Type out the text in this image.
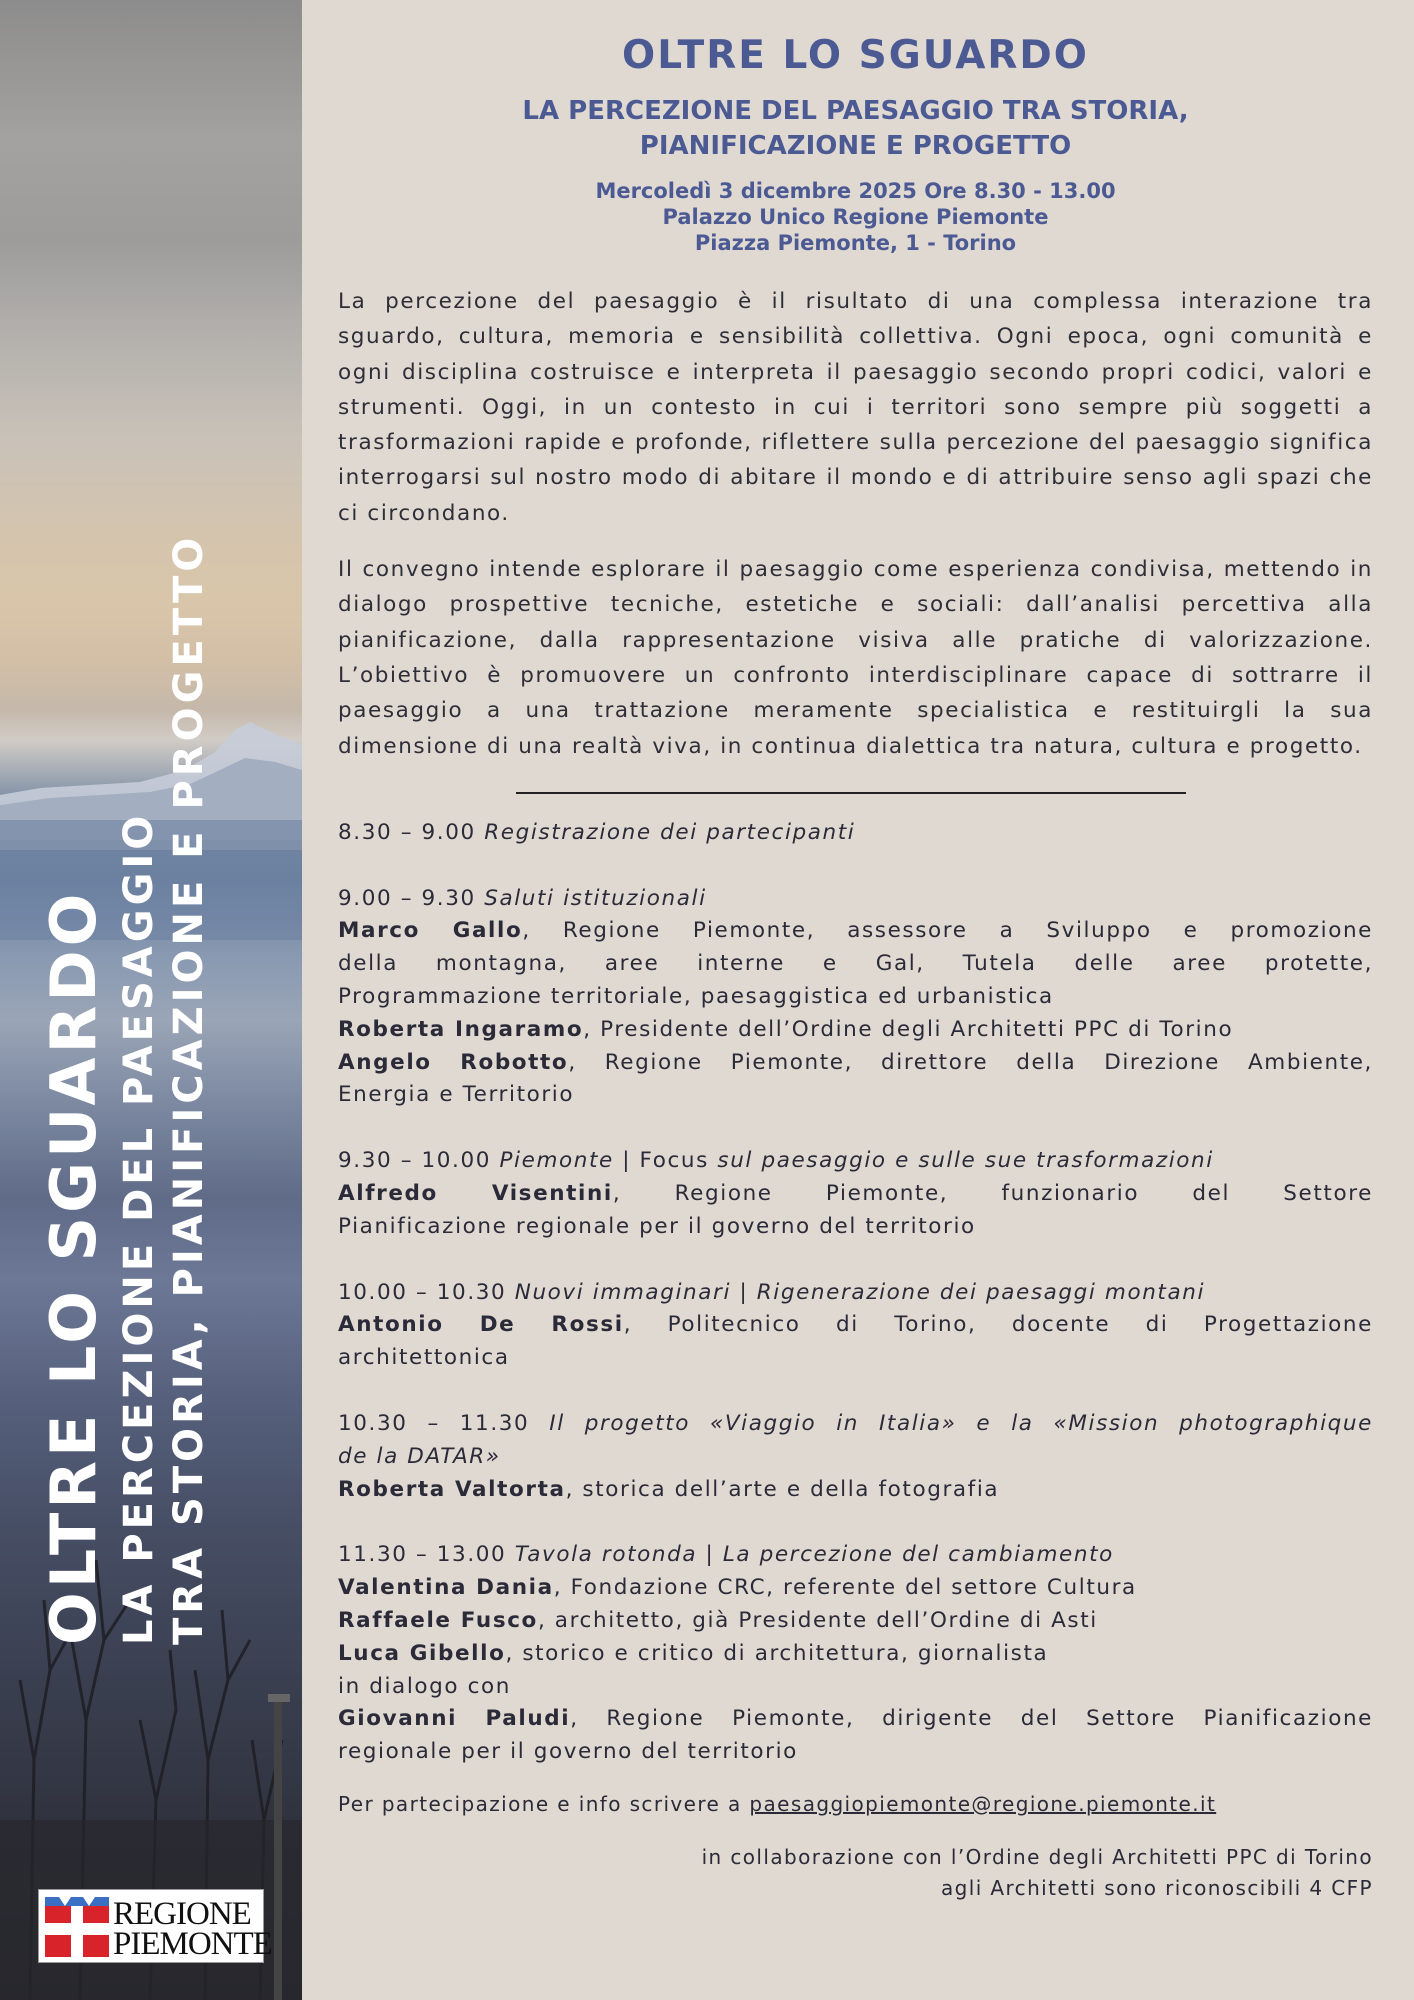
OLTRE LO SGUARDO LA PERCEZIONE DEL PAESAGGIO TRA STORIA, PIANIFICAZIONE E PROGETTO
REGIONE
PIEMONTE
OLTRE LO SGUARDO
LA PERCEZIONE DEL PAESAGGIO TRA STORIA,
PIANIFICAZIONE E PROGETTO
Mercoledì 3 dicembre 2025 Ore 8.30 - 13.00
Palazzo Unico Regione Piemonte
Piazza Piemonte, 1 - Torino

La percezione del paesaggio è il risultato di una complessa interazione tra sguardo, cultura, memoria e sensibilità collettiva. Ogni epoca, ogni comunità e ogni disciplina costruisce e interpreta il paesaggio secondo propri codici, valori e strumenti. Oggi, in un contesto in cui i territori sono sempre più soggetti a trasformazioni rapide e profonde, riflettere sulla percezione del paesaggio significa interrogarsi sul nostro modo di abitare il mondo e di attribuire senso agli spazi che ci circondano.

Il convegno intende esplorare il paesaggio come esperienza condivisa, mettendo in dialogo prospettive tecniche, estetiche e sociali: dall’analisi percettiva alla pianificazione, dalla rappresentazione visiva alle pratiche di valorizzazione. L’obiettivo è promuovere un confronto interdisciplinare capace di sottrarre il paesaggio a una trattazione meramente specialistica e restituirgli la sua dimensione di una realtà viva, in continua dialettica tra natura, cultura e progetto.

8.30 – 9.00 Registrazione dei partecipanti
9.00 – 9.30 Saluti istituzionali
Marco Gallo, Regione Piemonte, assessore a Sviluppo e promozione
della montagna, aree interne e Gal, Tutela delle aree protette,
Programmazione territoriale, paesaggistica ed urbanistica
Roberta Ingaramo, Presidente dell’Ordine degli Architetti PPC di Torino
Angelo Robotto, Regione Piemonte, direttore della Direzione Ambiente,
Energia e Territorio
9.30 – 10.00 Piemonte | Focus sul paesaggio e sulle sue trasformazioni
Alfredo Visentini, Regione Piemonte, funzionario del Settore
Pianificazione regionale per il governo del territorio
10.00 – 10.30 Nuovi immaginari | Rigenerazione dei paesaggi montani
Antonio De Rossi, Politecnico di Torino, docente di Progettazione
architettonica
10.30 – 11.30 Il progetto «Viaggio in Italia» e la «Mission photographique
de la DATAR»
Roberta Valtorta, storica dell’arte e della fotografia
11.30 – 13.00 Tavola rotonda | La percezione del cambiamento
Valentina Dania, Fondazione CRC, referente del settore Cultura
Raffaele Fusco, architetto, già Presidente dell’Ordine di Asti
Luca Gibello, storico e critico di architettura, giornalista
in dialogo con
Giovanni Paludi, Regione Piemonte, dirigente del Settore Pianificazione
regionale per il governo del territorio
Per partecipazione e info scrivere a paesaggiopiemonte@regione.piemonte.it
in collaborazione con l’Ordine degli Architetti PPC di Torino
agli Architetti sono riconoscibili 4 CFP
